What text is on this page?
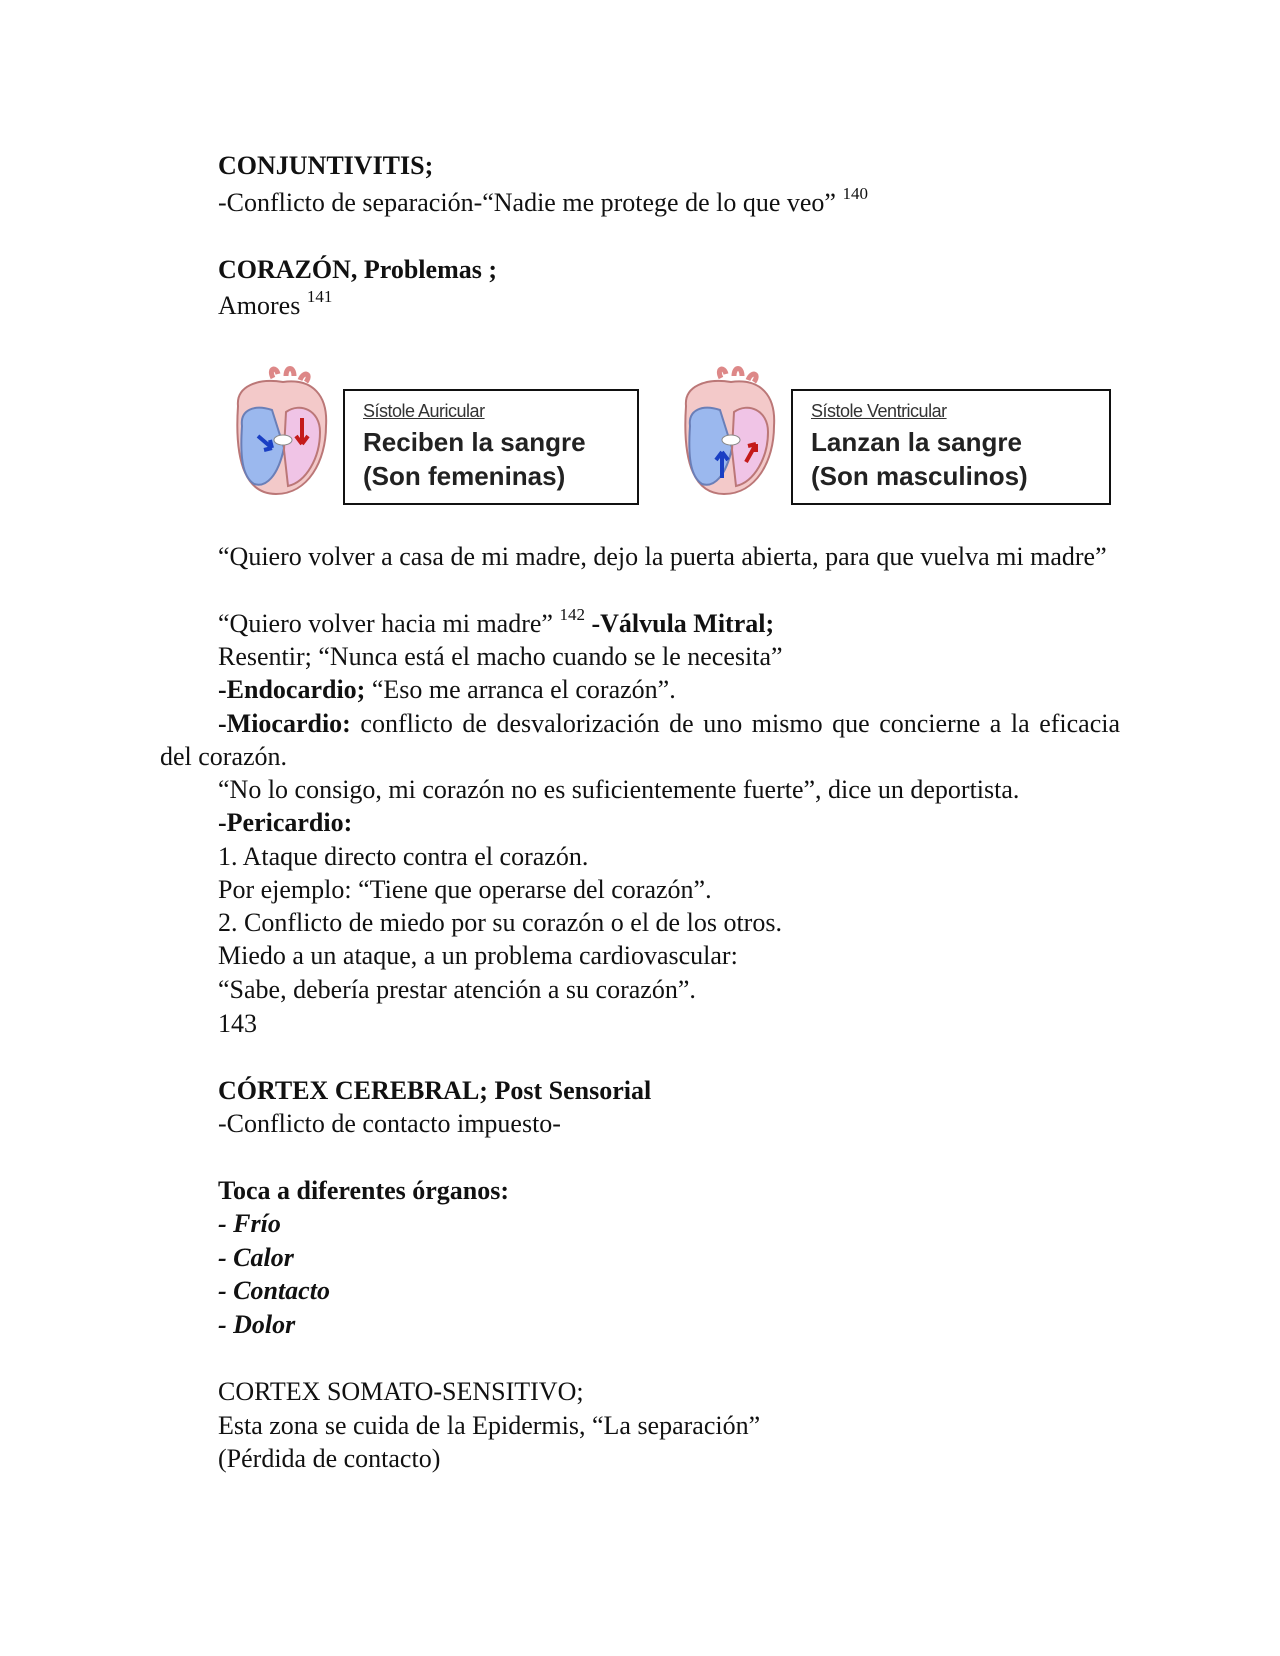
CONJUNTIVITIS;
-Conflicto de separación-“Nadie me protege de lo que veo” $^{140}$
CORAZÓN, Problemas ;
Amores $^{141}$
Sístole Auricular
Reciben la sangre
(Son femeninas)
Sístole Ventricular
Lanzan la sangre
(Son masculinos)
“Quiero volver a casa de mi madre, dejo la puerta abierta, para que vuelva mi madre”
“Quiero volver hacia mi madre” $^{142}$ -Válvula Mitral;
Resentir; “Nunca está el macho cuando se le necesita”
-Endocardio; “Eso me arranca el corazón”.
-Miocardio: conflicto de desvalorización de uno mismo que concierne a la eficacia del corazón.
“No lo consigo, mi corazón no es suficientemente fuerte”, dice un deportista.
-Pericardio:
1. Ataque directo contra el corazón.
Por ejemplo: “Tiene que operarse del corazón”.
2. Conflicto de miedo por su corazón o el de los otros.
Miedo a un ataque, a un problema cardiovascular:
“Sabe, debería prestar atención a su corazón”.
143
CÓRTEX CEREBRAL; Post Sensorial
-Conflicto de contacto impuesto-
Toca a diferentes órganos:
- Frío
- Calor
- Contacto
- Dolor
CORTEX SOMATO-SENSITIVO;
Esta zona se cuida de la Epidermis, “La separación”
(Pérdida de contacto)
